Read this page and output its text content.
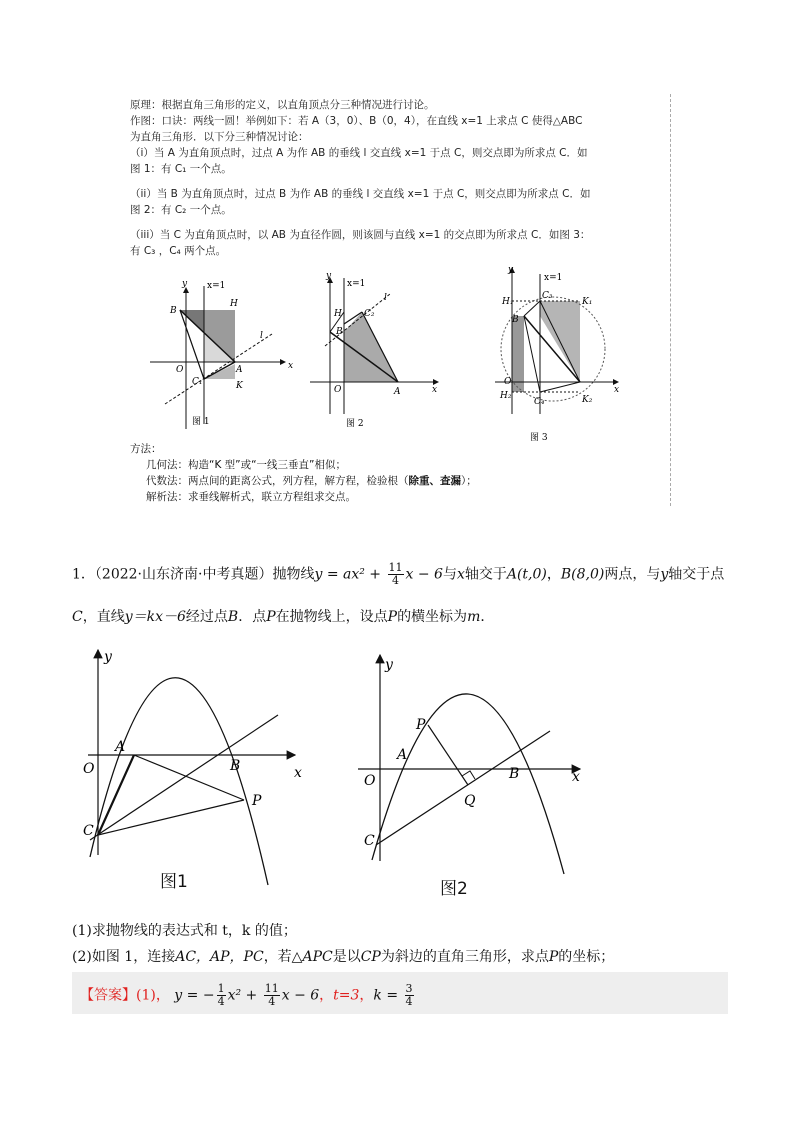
原理：根据直角三角形的定义，以直角顶点分三种情况进行讨论。

作图：口诀：两线一圆！举例如下：若 A（3，0）、B（0，4），在直线 x=1 上求点 C 使得△ABC

为直角三角形．以下分三种情况讨论：

（i）当 A 为直角顶点时，过点 A 为作 AB 的垂线 l 交直线 x=1 于点 C，则交点即为所求点 C．如

图 1：有 C₁ 一个点。

（ii）当 B 为直角顶点时，过点 B 为作 AB 的垂线 l 交直线 x=1 于点 C，则交点即为所求点 C．如

图 2：有 C₂ 一个点。

（iii）当 C 为直角顶点时，以 AB 为直径作圆，则该圆与直线 x=1 的交点即为所求点 C．如图 3：

有 C₃ ，C₄ 两个点。

y
x
x=1
B
H
l
O	A
C₁	K
图 1
y
x
x=1
l
H C₂
B
O	A
图 2
y
x
x=1
H₁
C₃
K₁
B
O
H₂
C₄	K₂
图 3

方法：

几何法：构造“K 型”或“一线三垂直”相似；

代数法：两点间的距离公式，列方程，解方程，检验根（除重、查漏）；

解析法：求垂线解析式，联立方程组求交点。

1．（2022·山东济南·中考真题）抛物线$y = ax^2 + \frac{11}{4}$ x − 6与x轴交于A(t,0)，B(8,0)两点，与y轴交于点
C，直线y＝kx－6经过点B．点P在抛物线上，设点P的横坐标为m．
y
x
O
A
B
P
C
y
x
O
A
P
B
Q
C
图1	图2
(1)求抛物线的表达式和 t，k 的值；
(2)如图 1，连接AC，AP，PC，若△APC是以CP为斜边的直角三角形，求点P的坐标；
【答案】(1)， y = − $\frac{1}{4} x^2 + \frac{11}{4}$ x − 6，t=3，$k = \frac{3}{4}$
